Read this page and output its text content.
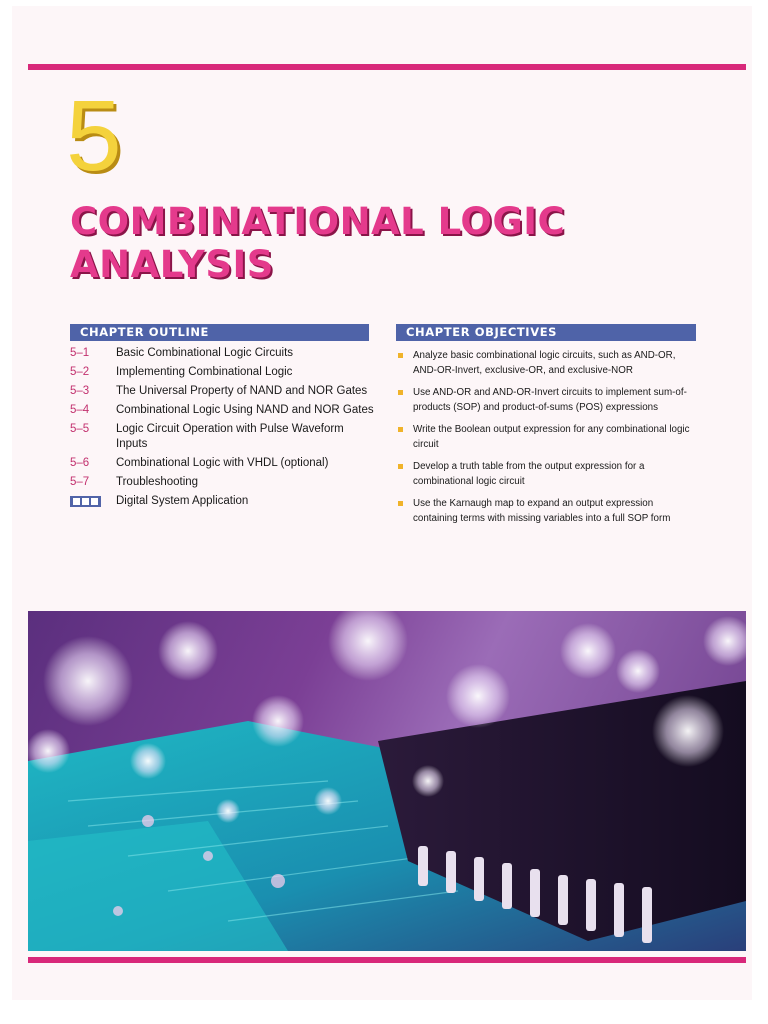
5
COMBINATIONAL LOGIC ANALYSIS
CHAPTER OUTLINE	CHAPTER OBJECTIVES
5–1	Basic Combinational Logic Circuits
5–2	Implementing Combinational Logic
5–3	The Universal Property of NAND and NOR Gates
5–4	Combinational Logic Using NAND and NOR Gates
5–5	Logic Circuit Operation with Pulse Waveform Inputs
5–6	Combinational Logic with VHDL (optional)
5–7	Troubleshooting
Digital System Application
Analyze basic combinational logic circuits, such as AND-OR, AND-OR-Invert, exclusive-OR, and exclusive-NOR
Use AND-OR and AND-OR-Invert circuits to implement sum-of-products (SOP) and product-of-sums (POS) expressions
Write the Boolean output expression for any combinational logic circuit
Develop a truth table from the output expression for a combinational logic circuit
Use the Karnaugh map to expand an output expression containing terms with missing variables into a full SOP form
